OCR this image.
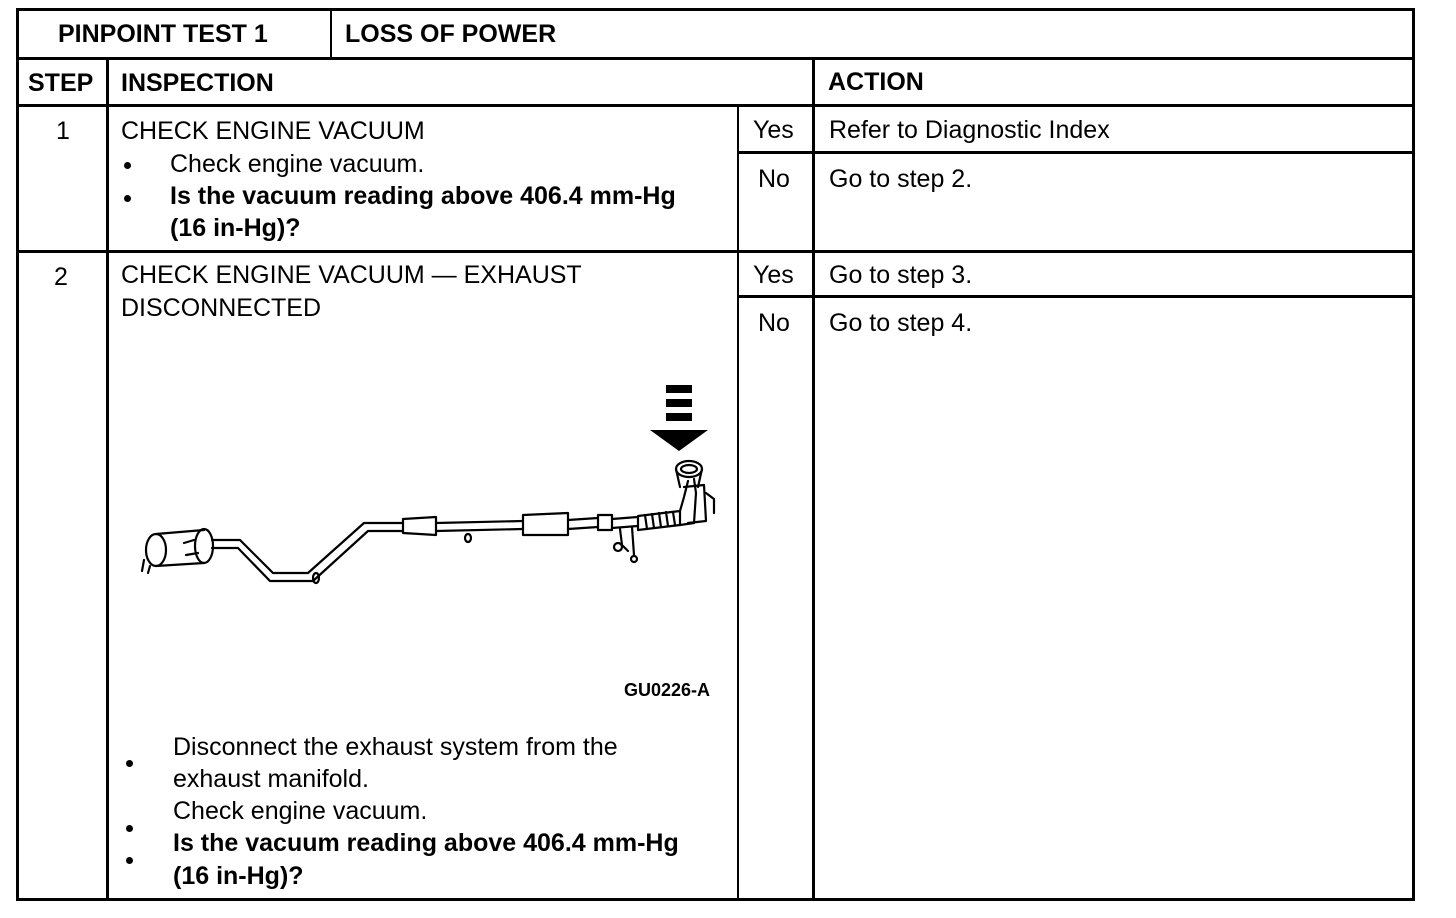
PINPOINT TEST 1	LOSS OF POWER
STEP INSPECTION	ACTION
1 CHECK ENGINE VACUUM
Check engine vacuum.
Is the vacuum reading above 406.4 mm-Hg
(16 in-Hg)?
Yes Refer to Diagnostic Index
No Go to step 2.
2 CHECK ENGINE VACUUM — EXHAUST
DISCONNECTED
GU0226-A
Disconnect the exhaust system from the
exhaust manifold.
Check engine vacuum.
Is the vacuum reading above 406.4 mm-Hg
(16 in-Hg)?
Yes Go to step 3.
No Go to step 4.
